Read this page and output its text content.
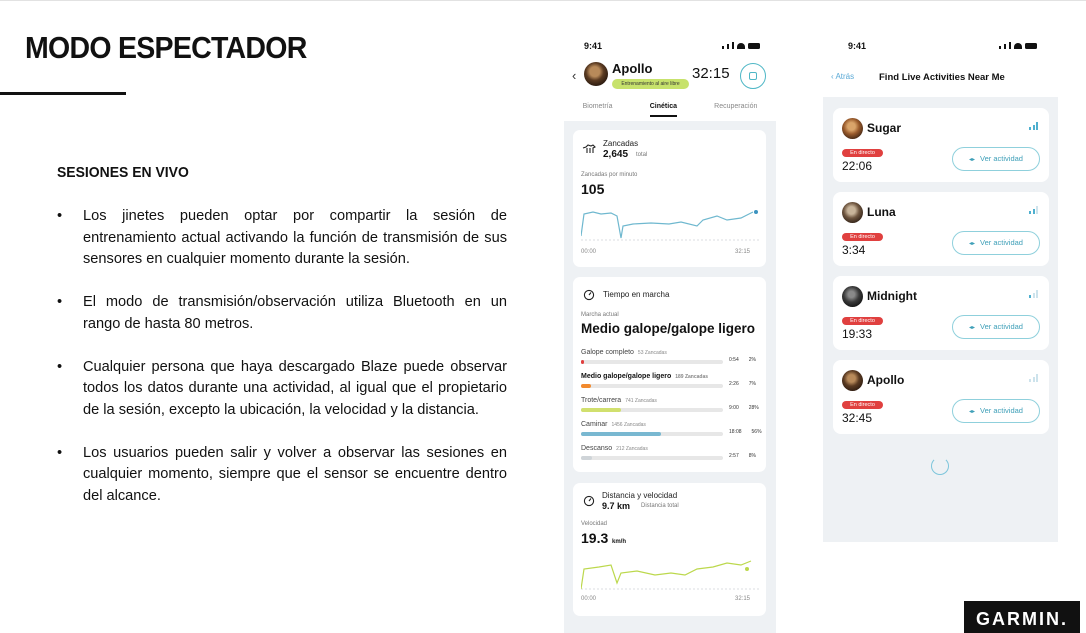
MODO ESPECTADOR
SESIONES EN VIVO
• Los jinetes pueden optar por compartir la sesión de entrenamiento actual activando la función de transmisión de sus sensores en cualquier momento durante la sesión.
• El modo de transmisión/observación utiliza Bluetooth en un rango de hasta 80 metros.
• Cualquier persona que haya descargado Blaze puede observar todos los datos durante una actividad, al igual que el propietario de la sesión, excepto la ubicación, la velocidad y la distancia.
• Los usuarios pueden salir y volver a observar las sesiones en cualquier momento, siempre que el sensor se encuentre dentro del alcance.
9:41
‹	Apollo
Entrenamiento al aire libre
32:15
Biometría	Cinética	Recuperación
Zancadas
2,645 total
Zancadas por minuto
105
00:00	32:15
Tiempo en marcha
Marcha actual
Medio galope/galope ligero
Galope completo 53 Zancadas
0:54 2%
Medio galope/galope ligero 189 Zancadas
2:26 7%
Trote/carrera 741 Zancadas
9:00 28%
Caminar 1456 Zancadas
18:08 56%
Descanso 212 Zancadas
2:57 8%
Distancia y velocidad
9.7 km Distancia total
Velocidad
19.3 km/h
00:00	32:15
9:41
‹ Atrás	Find Live Activities Near Me
Sugar
En directo
22:06	◂▸ Ver actividad
Luna
En directo
3:34	◂▸ Ver actividad
Midnight
En directo
19:33	◂▸ Ver actividad
Apollo
En directo
32:45	◂▸ Ver actividad
GARMIN.
